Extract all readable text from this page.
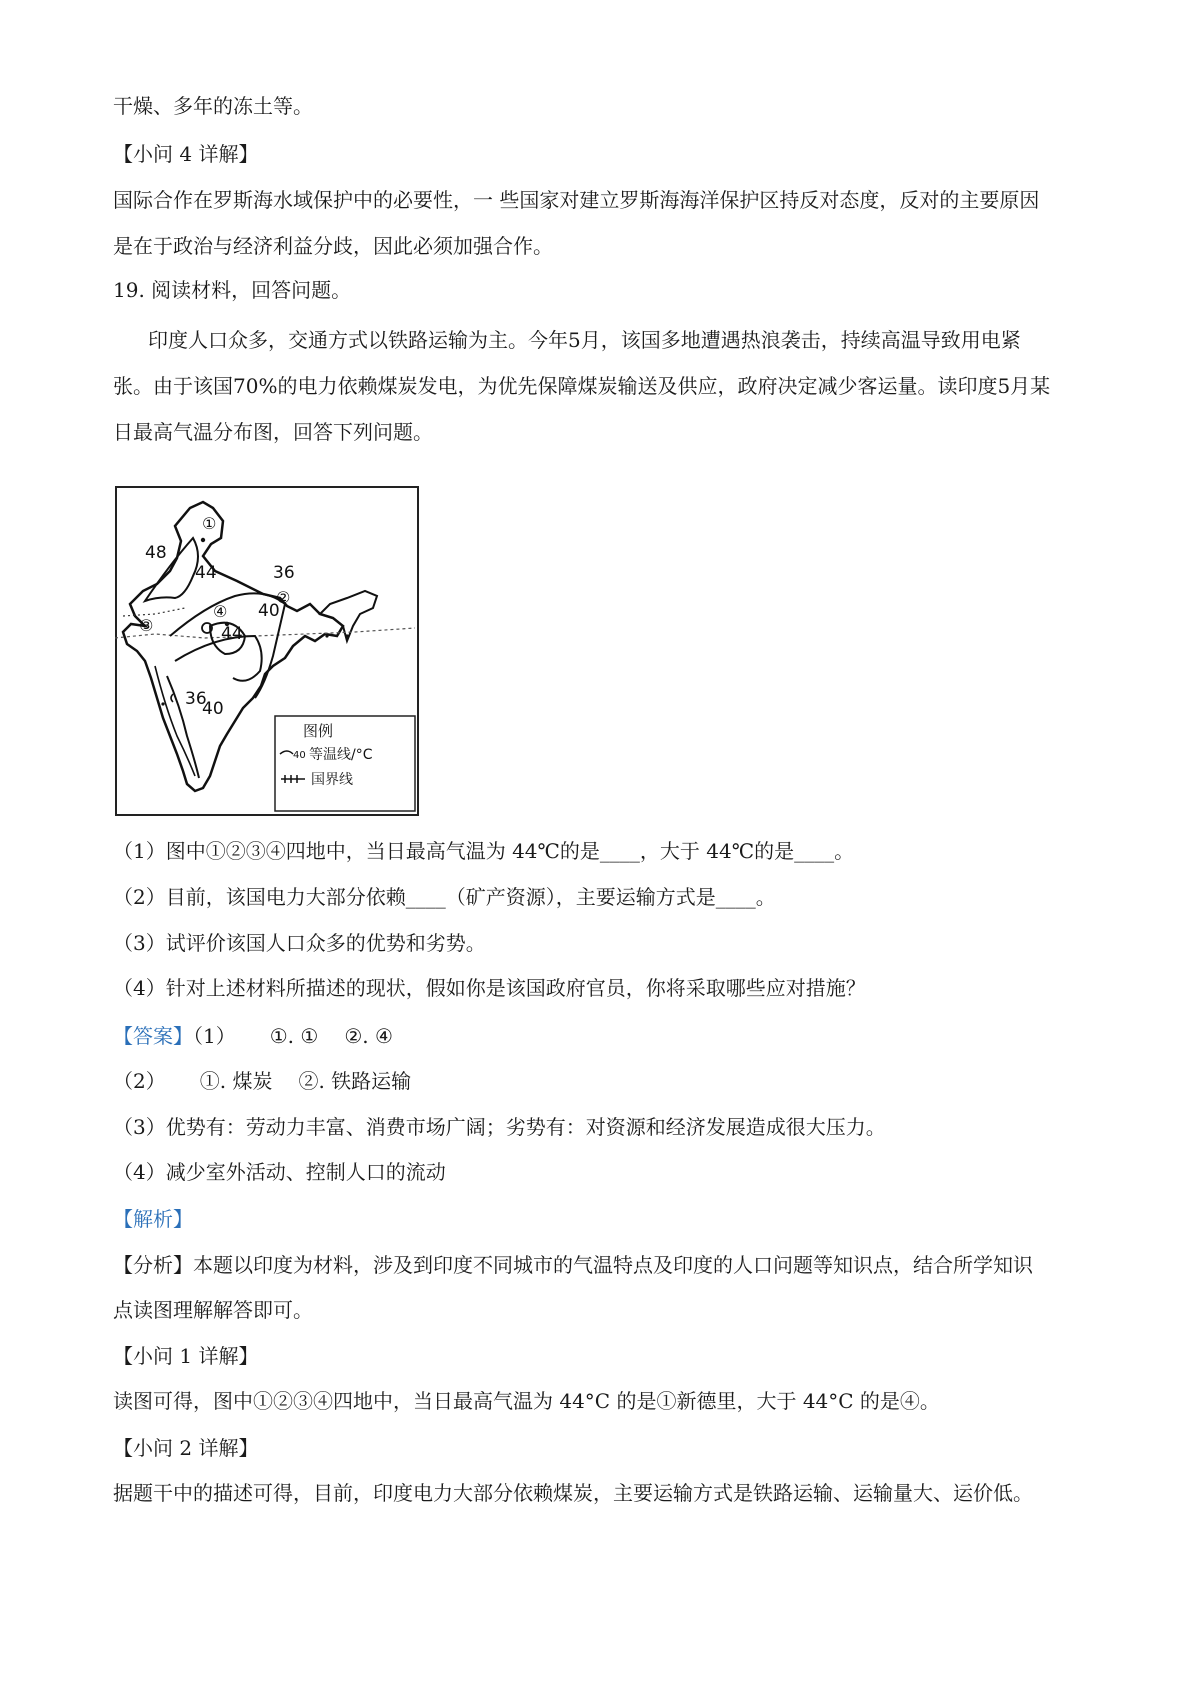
干燥、多年的冻土等。
【小问 4 详解】
国际合作在罗斯海水域保护中的必要性，一 些国家对建立罗斯海海洋保护区持反对态度，反对的主要原因
是在于政治与经济利益分歧，因此必须加强合作。
19. 阅读材料，回答问题。
印度人口众多，交通方式以铁路运输为主。今年5月，该国多地遭遇热浪袭击，持续高温导致用电紧
张。由于该国70%的电力依赖煤炭发电，为优先保障煤炭输送及供应，政府决定减少客运量。读印度5月某
日最高气温分布图，回答下列问题。
48
44	36
40
44
36
40
①
②
③
④
图例
40 等温线/°C
国界线
（1）图中①②③④四地中，当日最高气温为 44℃的是____，大于 44℃的是____。
（2）目前，该国电力大部分依赖____（矿产资源），主要运输方式是____。
（3）试评价该国人口众多的优势和劣势。
（4）针对上述材料所描述的现状，假如你是该国政府官员，你将采取哪些应对措施？
【答案】（1） ①. ① ②. ④
（2） ①. 煤炭 ②. 铁路运输
（3）优势有：劳动力丰富、消费市场广阔；劣势有：对资源和经济发展造成很大压力。
（4）减少室外活动、控制人口的流动
【解析】
【分析】本题以印度为材料，涉及到印度不同城市的气温特点及印度的人口问题等知识点，结合所学知识
点读图理解解答即可。
【小问 1 详解】
读图可得，图中①②③④四地中，当日最高气温为 44°C 的是①新德里，大于 44°C 的是④。
【小问 2 详解】
据题干中的描述可得，目前，印度电力大部分依赖煤炭，主要运输方式是铁路运输、运输量大、运价低。
